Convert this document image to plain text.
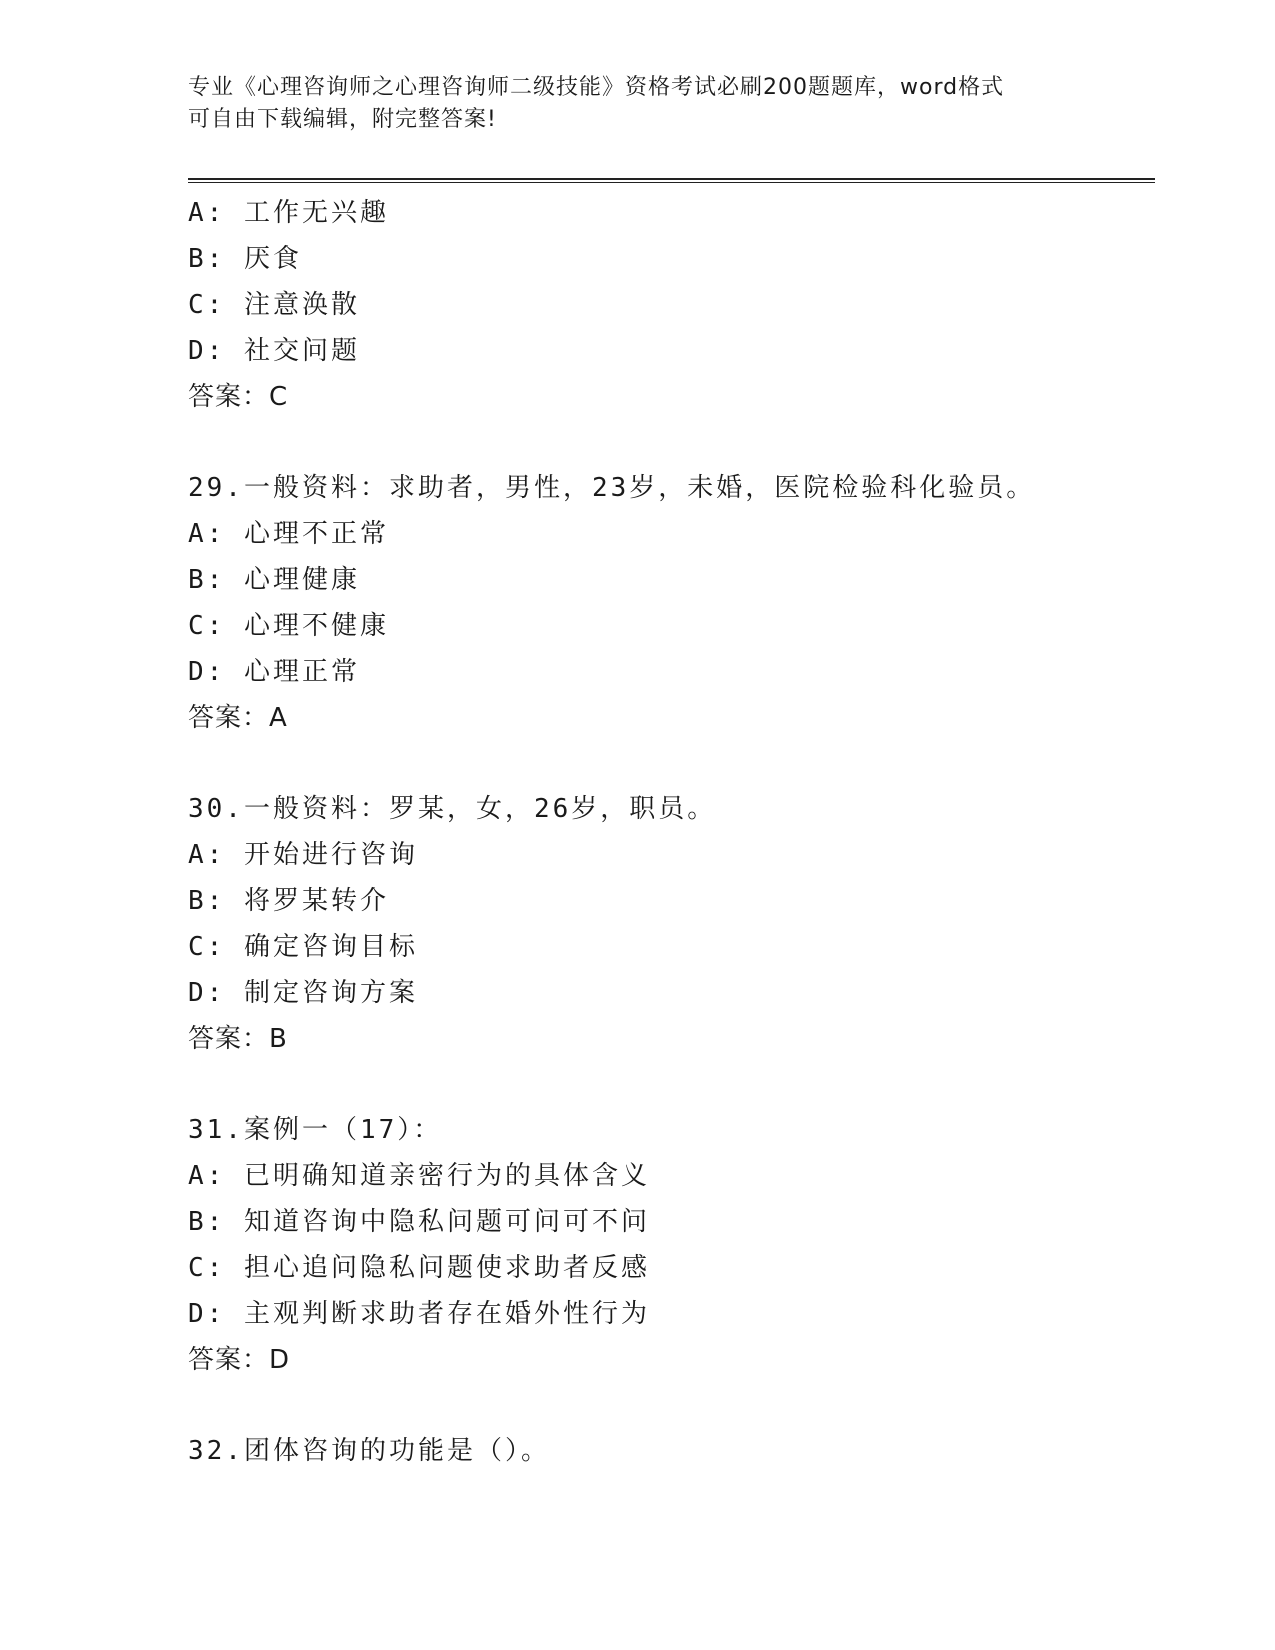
专业《心理咨询师之心理咨询师二级技能》资格考试必刷200题题库，word格式
可自由下载编辑，附完整答案!
A: 工作无兴趣
B: 厌食
C: 注意涣散
D: 社交问题
答案：C
29.一般资料：求助者，男性，23岁，未婚，医院检验科化验员。
A: 心理不正常
B: 心理健康
C: 心理不健康
D: 心理正常
答案：A
30.一般资料：罗某，女，26岁，职员。
A: 开始进行咨询
B: 将罗某转介
C: 确定咨询目标
D: 制定咨询方案
答案：B
31.案例一（17）：
A: 已明确知道亲密行为的具体含义
B: 知道咨询中隐私问题可问可不问
C: 担心追问隐私问题使求助者反感
D: 主观判断求助者存在婚外性行为
答案：D
32.团体咨询的功能是（）。
